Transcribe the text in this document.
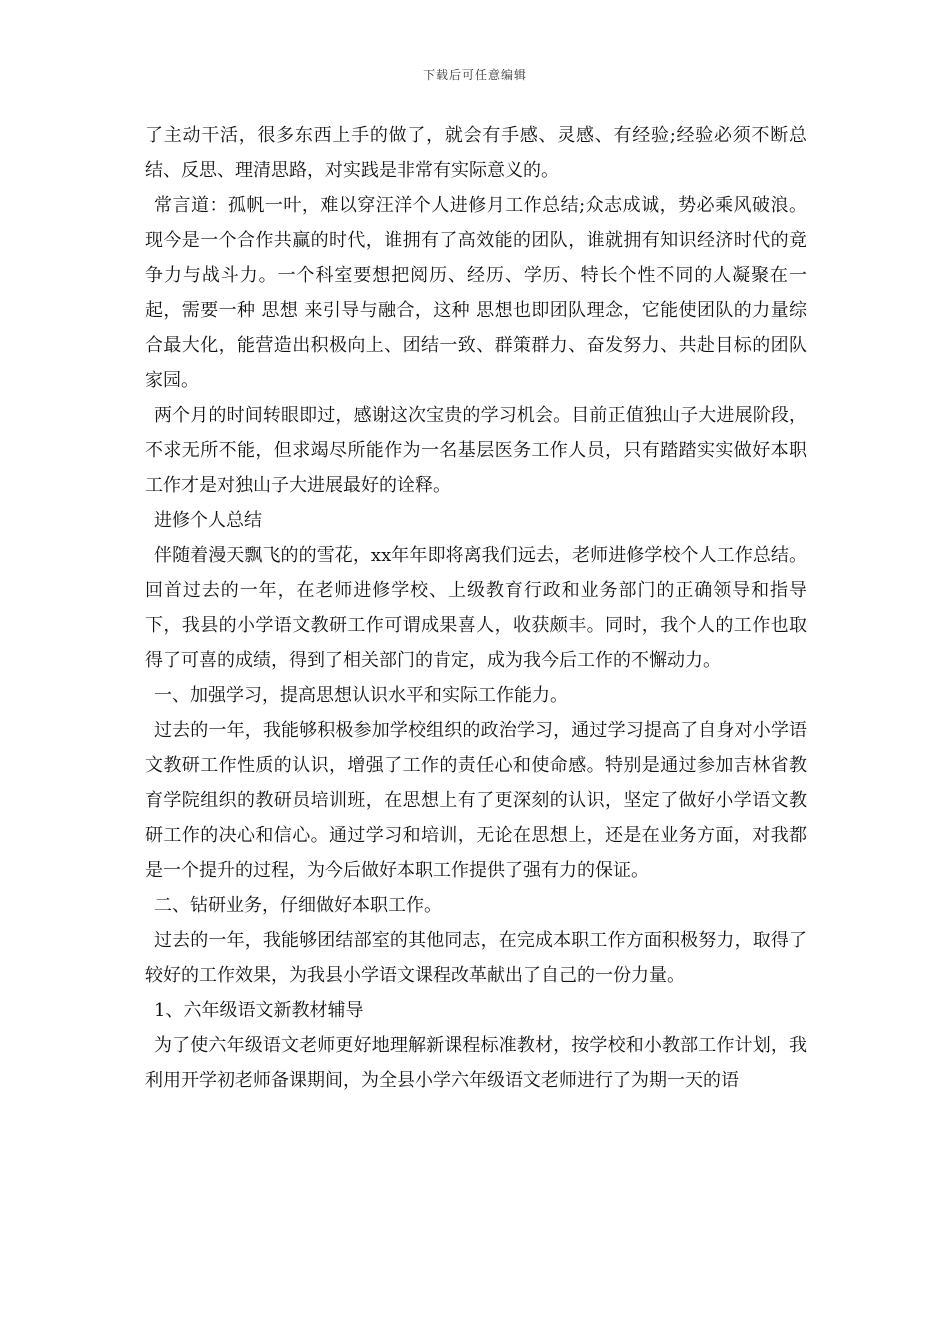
下载后可任意编辑

了主动干活，很多东西上手的做了，就会有手感、灵感、有经验;经验必须不断总结、反思、理清思路，对实践是非常有实际意义的。

常言道：孤帆一叶，难以穿汪洋个人进修月工作总结;众志成诚，势必乘风破浪。现今是一个合作共赢的时代，谁拥有了高效能的团队，谁就拥有知识经济时代的竟争力与战斗力。一个科室要想把阅历、经历、学历、特长个性不同的人凝聚在一起，需要一种 思想 来引导与融合，这种 思想也即团队理念，它能使团队的力量综合最大化，能营造出积极向上、团结一致、群策群力、奋发努力、共赴目标的团队家园。

两个月的时间转眼即过，感谢这次宝贵的学习机会。目前正值独山子大进展阶段， 不求无所不能，但求竭尽所能作为一名基层医务工作人员，只有踏踏实实做好本职工作才是对独山子大进展最好的诠释。

进修个人总结

伴随着漫天飘飞的的雪花，xx年年即将离我们远去，老师进修学校个人工作总结。回首过去的一年，在老师进修学校、上级教育行政和业务部门的正确领导和指导下，我县的小学语文教研工作可谓成果喜人，收获颇丰。同时，我个人的工作也取得了可喜的成绩，得到了相关部门的肯定，成为我今后工作的不懈动力。

一、加强学习，提高思想认识水平和实际工作能力。

过去的一年，我能够积极参加学校组织的政治学习，通过学习提高了自身对小学语文教研工作性质的认识，增强了工作的责任心和使命感。特别是通过参加吉林省教育学院组织的教研员培训班，在思想上有了更深刻的认识，坚定了做好小学语文教研工作的决心和信心。通过学习和培训，无论在思想上，还是在业务方面，对我都是一个提升的过程，为今后做好本职工作提供了强有力的保证。

二、钻研业务，仔细做好本职工作。

过去的一年，我能够团结部室的其他同志，在完成本职工作方面积极努力，取得了较好的工作效果，为我县小学语文课程改革献出了自己的一份力量。

1、六年级语文新教材辅导

为了使六年级语文老师更好地理解新课程标准教材，按学校和小教部工作计划，我利用开学初老师备课期间，为全县小学六年级语文老师进行了为期一天的语
